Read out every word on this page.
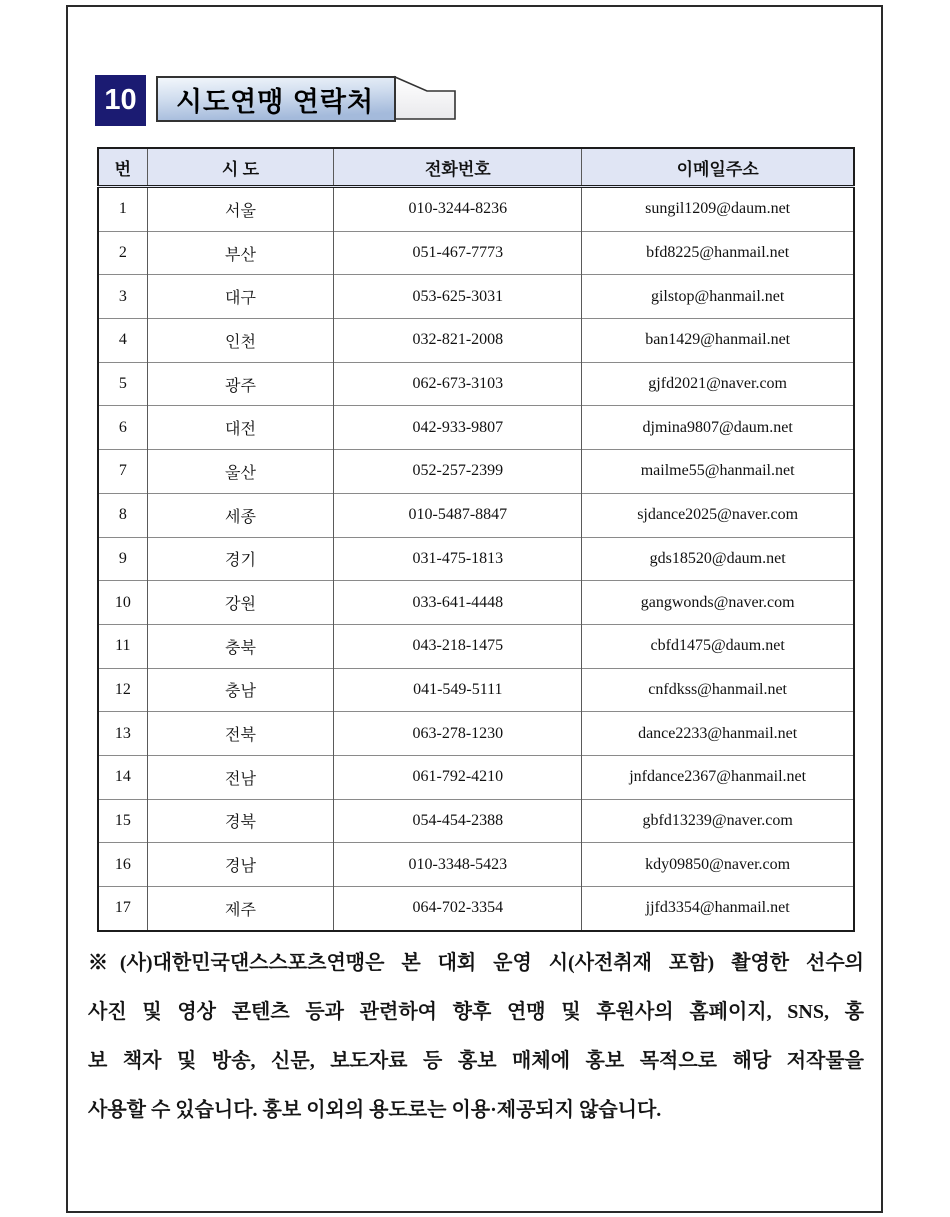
10	시도연맹 연락처
번	시 도	전화번호	이메일주소
1	서울	010-3244-8236	sungil1209@daum.net
2	부산	051-467-7773	bfd8225@hanmail.net
3	대구	053-625-3031	gilstop@hanmail.net
4	인천	032-821-2008	ban1429@hanmail.net
5	광주	062-673-3103	gjfd2021@naver.com
6	대전	042-933-9807	djmina9807@daum.net
7	울산	052-257-2399	mailme55@hanmail.net
8	세종	010-5487-8847	sjdance2025@naver.com
9	경기	031-475-1813	gds18520@daum.net
10	강원	033-641-4448	gangwonds@naver.com
11	충북	043-218-1475	cbfd1475@daum.net
12	충남	041-549-5111	cnfdkss@hanmail.net
13	전북	063-278-1230	dance2233@hanmail.net
14	전남	061-792-4210	jnfdance2367@hanmail.net
15	경북	054-454-2388	gbfd13239@naver.com
16	경남	010-3348-5423	kdy09850@naver.com
17	제주	064-702-3354	jjfd3354@hanmail.net
※(사)대한민국댄스스포츠연맹은 본 대회 운영 시(사전취재 포함) 촬영한 선수의
사진 및 영상 콘텐츠 등과 관련하여 향후 연맹 및 후원사의 홈페이지, SNS, 홍
보 책자 및 방송, 신문, 보도자료 등 홍보 매체에 홍보 목적으로 해당 저작물을
사용할 수 있습니다. 홍보 이외의 용도로는 이용·제공되지 않습니다.
